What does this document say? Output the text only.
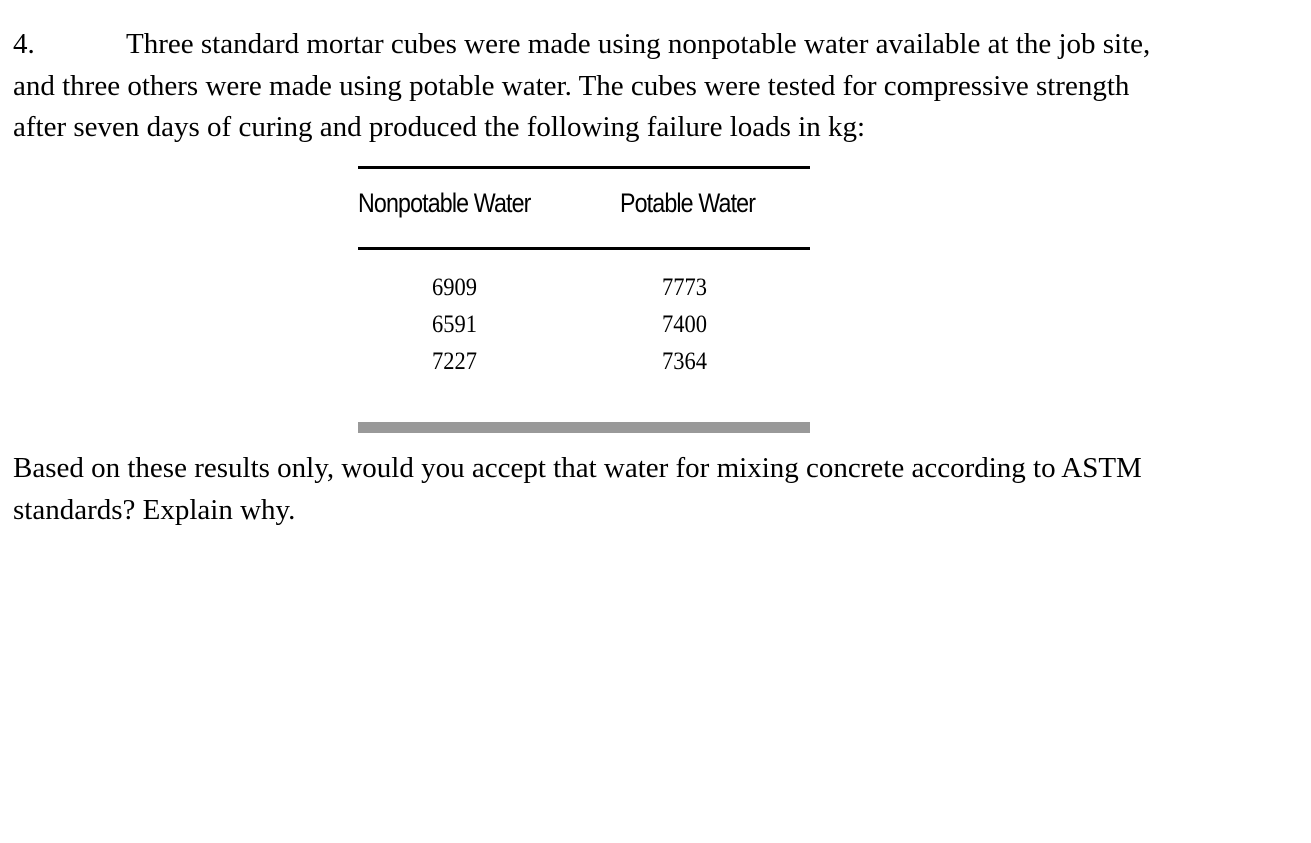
4.	Three standard mortar cubes were made using nonpotable water available at the job site,
and three others were made using potable water. The cubes were tested for compressive strength
after seven days of curing and produced the following failure loads in kg:
Nonpotable Water	Potable Water
6909	7773
6591	7400
7227	7364
Based on these results only, would you accept that water for mixing concrete according to ASTM
standards? Explain why.
